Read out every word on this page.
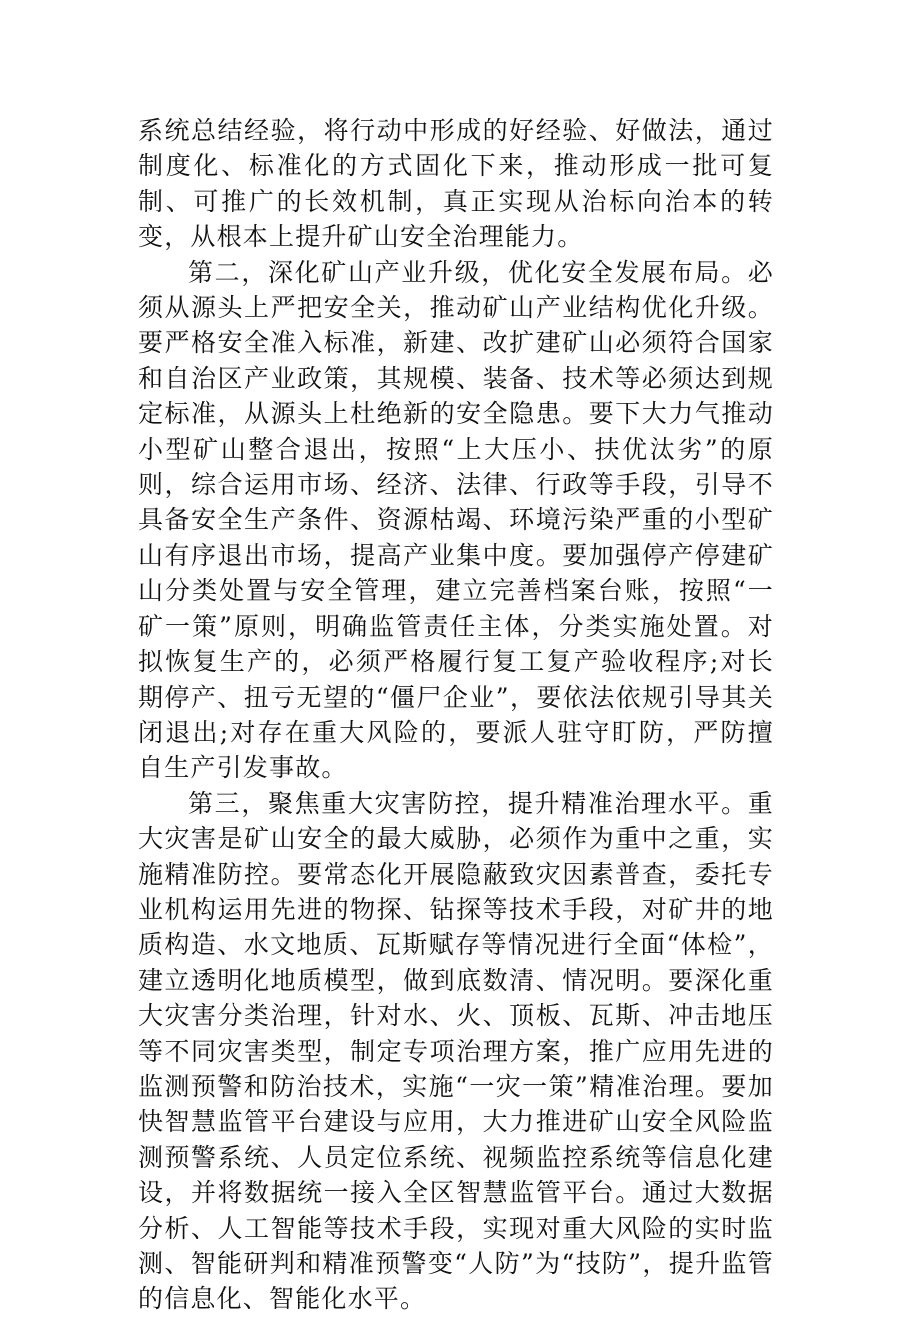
系统总结经验，将行动中形成的好经验、好做法，通过制度化、标准化的方式固化下来，推动形成一批可复制、可推广的长效机制，真正实现从治标向治本的转变，从根本上提升矿山安全治理能力。

第二，深化矿山产业升级，优化安全发展布局。必须从源头上严把安全关，推动矿山产业结构优化升级。要严格安全准入标准，新建、改扩建矿山必须符合国家和自治区产业政策，其规模、装备、技术等必须达到规定标准，从源头上杜绝新的安全隐患。要下大力气推动小型矿山整合退出，按照“上大压小、扶优汰劣”的原则，综合运用市场、经济、法律、行政等手段，引导不具备安全生产条件、资源枯竭、环境污染严重的小型矿山有序退出市场，提高产业集中度。要加强停产停建矿山分类处置与安全管理，建立完善档案台账，按照“一矿一策”原则，明确监管责任主体，分类实施处置。对拟恢复生产的，必须严格履行复工复产验收程序;对长期停产、扭亏无望的“僵尸企业”，要依法依规引导其关闭退出;对存在重大风险的，要派人驻守盯防，严防擅自生产引发事故。

第三，聚焦重大灾害防控，提升精准治理水平。重大灾害是矿山安全的最大威胁，必须作为重中之重，实施精准防控。要常态化开展隐蔽致灾因素普查，委托专业机构运用先进的物探、钻探等技术手段，对矿井的地质构造、水文地质、瓦斯赋存等情况进行全面“体检”，建立透明化地质模型，做到底数清、情况明。要深化重大灾害分类治理，针对水、火、顶板、瓦斯、冲击地压等不同灾害类型，制定专项治理方案，推广应用先进的监测预警和防治技术，实施“一灾一策”精准治理。要加快智慧监管平台建设与应用，大力推进矿山安全风险监测预警系统、人员定位系统、视频监控系统等信息化建设，并将数据统一接入全区智慧监管平台。通过大数据分析、人工智能等技术手段，实现对重大风险的实时监测、智能研判和精准预警变“人防”为“技防”，提升监管的信息化、智能化水平。
